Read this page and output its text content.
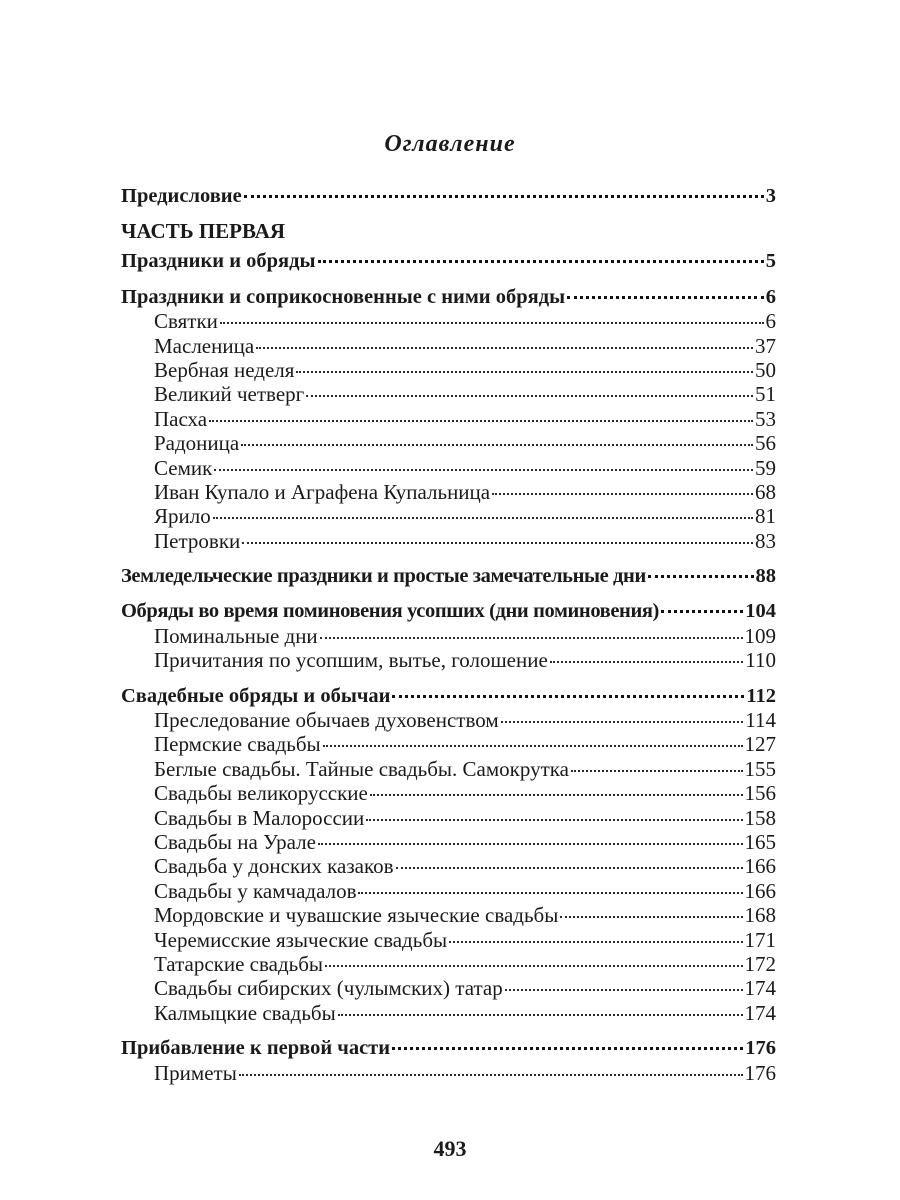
Оглавление
Предисловие	3
ЧАСТЬ ПЕРВАЯ
Праздники и обряды	5
Праздники и соприкосновенные с ними обряды	6
Святки	6
Масленица	37
Вербная неделя	50
Великий четверг	51
Пасха	53
Радоница	56
Семик	59
Иван Купало и Аграфена Купальница	68
Ярило	81
Петровки	83
Земледельческие праздники и простые замечательные дни	88
Обряды во время поминовения усопших (дни поминовения)	104
Поминальные дни	109
Причитания по усопшим, вытье, голошение	110
Свадебные обряды и обычаи	112
Преследование обычаев духовенством	114
Пермские свадьбы	127
Беглые свадьбы. Тайные свадьбы. Самокрутка	155
Свадьбы великорусские	156
Свадьбы в Малороссии	158
Свадьбы на Урале	165
Свадьба у донских казаков	166
Свадьбы у камчадалов	166
Мордовские и чувашские языческие свадьбы	168
Черемисские языческие свадьбы	171
Татарские свадьбы	172
Свадьбы сибирских (чулымских) татар	174
Калмыцкие свадьбы	174
Прибавление к первой части	176
Приметы	176
493
